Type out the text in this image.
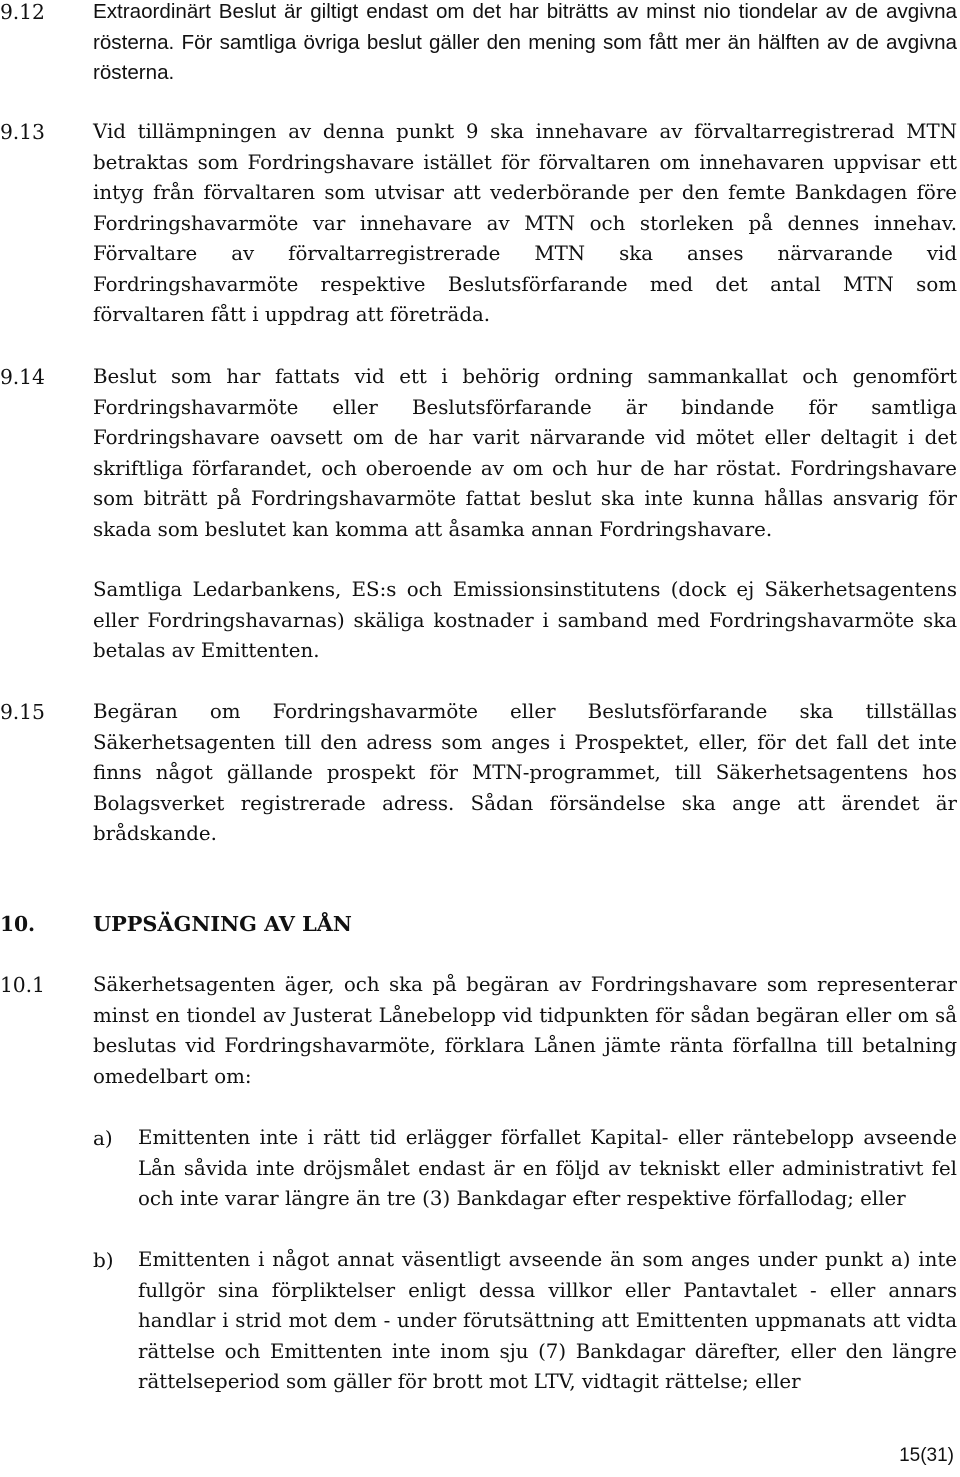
9.12	Extraordinärt Beslut är giltigt endast om det har biträtts av minst nio tiondelar av de avgivna rösterna. För samtliga övriga beslut gäller den mening som fått mer än hälften av de avgivna rösterna.
9.13	Vid tillämpningen av denna punkt 9 ska innehavare av förvaltarregistrerad MTN betraktas som Fordringshavare istället för förvaltaren om innehavaren uppvisar ett intyg från förvaltaren som utvisar att vederbörande per den femte Bankdagen före Fordringshavarmöte var innehavare av MTN och storleken på dennes innehav. Förvaltare av förvaltarregistrerade MTN ska anses närvarande vid Fordringshavarmöte respektive Beslutsförfarande med det antal MTN som förvaltaren fått i uppdrag att företräda.
9.14	Beslut som har fattats vid ett i behörig ordning sammankallat och genomfört Fordringshavarmöte eller Beslutsförfarande är bindande för samtliga Fordringshavare oavsett om de har varit närvarande vid mötet eller deltagit i det skriftliga förfarandet, och oberoende av om och hur de har röstat. Fordringshavare som biträtt på Fordringshavarmöte fattat beslut ska inte kunna hållas ansvarig för skada som beslutet kan komma att åsamka annan Fordringshavare.
Samtliga Ledarbankens, ES:s och Emissionsinstitutens (dock ej Säkerhetsagentens eller Fordringshavarnas) skäliga kostnader i samband med Fordringshavarmöte ska betalas av Emittenten.
9.15	Begäran om Fordringshavarmöte eller Beslutsförfarande ska tillställas Säkerhetsagenten till den adress som anges i Prospektet, eller, för det fall det inte finns något gällande prospekt för MTN-programmet, till Säkerhetsagentens hos Bolagsverket registrerade adress. Sådan försändelse ska ange att ärendet är brådskande.
10.	UPPSÄGNING AV LÅN
10.1	Säkerhetsagenten äger, och ska på begäran av Fordringshavare som representerar minst en tiondel av Justerat Lånebelopp vid tidpunkten för sådan begäran eller om så beslutas vid Fordringshavarmöte, förklara Lånen jämte ränta förfallna till betalning omedelbart om:
a)	Emittenten inte i rätt tid erlägger förfallet Kapital- eller räntebelopp avseende Lån såvida inte dröjsmålet endast är en följd av tekniskt eller administrativt fel och inte varar längre än tre (3) Bankdagar efter respektive förfallodag; eller
b)	Emittenten i något annat väsentligt avseende än som anges under punkt a) inte fullgör sina förpliktelser enligt dessa villkor eller Pantavtalet - eller annars handlar i strid mot dem - under förutsättning att Emittenten uppmanats att vidta rättelse och Emittenten inte inom sju (7) Bankdagar därefter, eller den längre rättelseperiod som gäller för brott mot LTV, vidtagit rättelse; eller
15(31)
